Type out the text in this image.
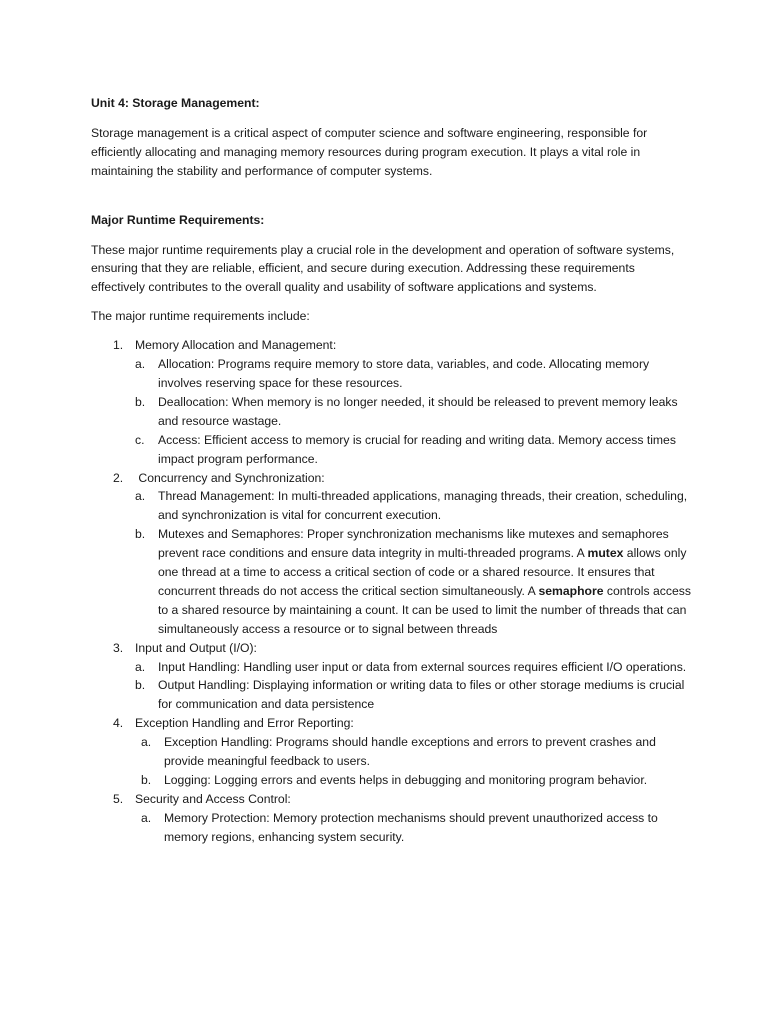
Unit 4: Storage Management:

Storage management is a critical aspect of computer science and software engineering, responsible for efficiently allocating and managing memory resources during program execution. It plays a vital role in maintaining the stability and performance of computer systems.

Major Runtime Requirements:

These major runtime requirements play a crucial role in the development and operation of software systems, ensuring that they are reliable, efficient, and secure during execution. Addressing these requirements effectively contributes to the overall quality and usability of software applications and systems.

The major runtime requirements include:

1. Memory Allocation and Management:
a. Allocation: Programs require memory to store data, variables, and code. Allocating memory involves reserving space for these resources.
b. Deallocation: When memory is no longer needed, it should be released to prevent memory leaks and resource wastage.
c. Access: Efficient access to memory is crucial for reading and writing data. Memory access times impact program performance.
2. Concurrency and Synchronization:
a. Thread Management: In multi-threaded applications, managing threads, their creation, scheduling, and synchronization is vital for concurrent execution.
b. Mutexes and Semaphores: Proper synchronization mechanisms like mutexes and semaphores prevent race conditions and ensure data integrity in multi-threaded programs. A mutex allows only one thread at a time to access a critical section of code or a shared resource. It ensures that concurrent threads do not access the critical section simultaneously. A semaphore controls access to a shared resource by maintaining a count. It can be used to limit the number of threads that can simultaneously access a resource or to signal between threads
3. Input and Output (I/O):
a. Input Handling: Handling user input or data from external sources requires efficient I/O operations.
b. Output Handling: Displaying information or writing data to files or other storage mediums is crucial for communication and data persistence
4. Exception Handling and Error Reporting:
a. Exception Handling: Programs should handle exceptions and errors to prevent crashes and provide meaningful feedback to users.
b. Logging: Logging errors and events helps in debugging and monitoring program behavior.
5. Security and Access Control:
a. Memory Protection: Memory protection mechanisms should prevent unauthorized access to memory regions, enhancing system security.
